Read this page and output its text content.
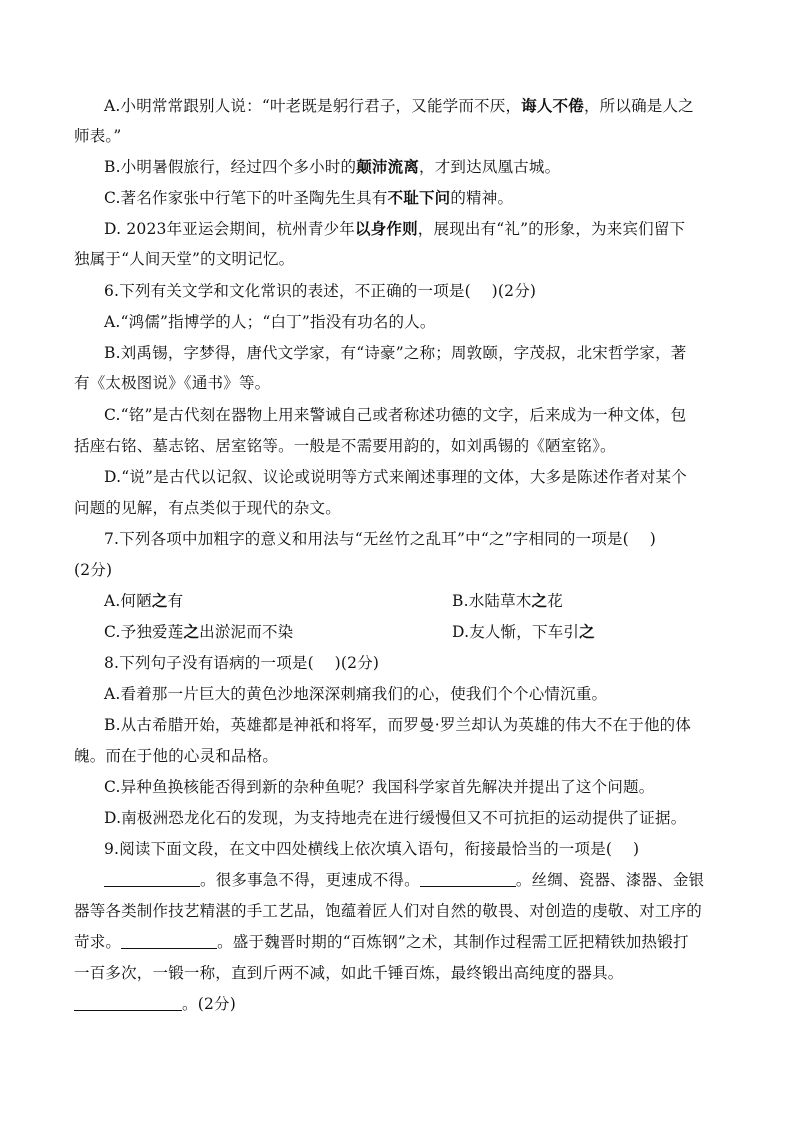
A.小明常常跟别人说：“叶老既是躬行君子，又能学而不厌，诲人不倦，所以确是人之
师表。”
B.小明暑假旅行，经过四个多小时的颠沛流离，才到达凤凰古城。
C.著名作家张中行笔下的叶圣陶先生具有不耻下问的精神。
D. 2023年亚运会期间，杭州青少年以身作则，展现出有“礼”的形象，为来宾们留下
独属于“人间天堂”的文明记忆。
6.下列有关文学和文化常识的表述，不正确的一项是(　 )(2分)
A.“鸿儒”指博学的人；“白丁”指没有功名的人。
B.刘禹锡，字梦得，唐代文学家，有“诗豪”之称；周敦颐，字茂叔，北宋哲学家，著
有《太极图说》《通书》等。
C.“铭”是古代刻在器物上用来警诫自己或者称述功德的文字，后来成为一种文体，包
括座右铭、墓志铭、居室铭等。一般是不需要用韵的，如刘禹锡的《陋室铭》。
D.“说”是古代以记叙、议论或说明等方式来阐述事理的文体，大多是陈述作者对某个
问题的见解，有点类似于现代的杂文。
7.下列各项中加粗字的意义和用法与“无丝竹之乱耳”中“之”字相同的一项是(　 )
(2分)
A.何陋之有	B.水陆草木之花
C.予独爱莲之出淤泥而不染	D.友人惭，下车引之
8.下列句子没有语病的一项是(　 )(2分)
A.看着那一片巨大的黄色沙地深深刺痛我们的心，使我们个个心情沉重。
B.从古希腊开始，英雄都是神祇和将军，而罗曼·罗兰却认为英雄的伟大不在于他的体
魄。而在于他的心灵和品格。
C.异种鱼换核能否得到新的杂种鱼呢？我国科学家首先解决并提出了这个问题。
D.南极洲恐龙化石的发现，为支持地壳在进行缓慢但又不可抗拒的运动提供了证据。
9.阅读下面文段，在文中四处横线上依次填入语句，衔接最恰当的一项是(　 )
。很多事急不得，更速成不得。	。丝绸、瓷器、漆器、金银
器等各类制作技艺精湛的手工艺品，饱蕴着匠人们对自然的敬畏、对创造的虔敬、对工序的
苛求。	。盛于魏晋时期的“百炼钢”之术，其制作过程需工匠把精铁加热锻打
一百多次，一锻一称，直到斤两不减，如此千锤百炼，最终锻出高纯度的器具。
。(2分)
